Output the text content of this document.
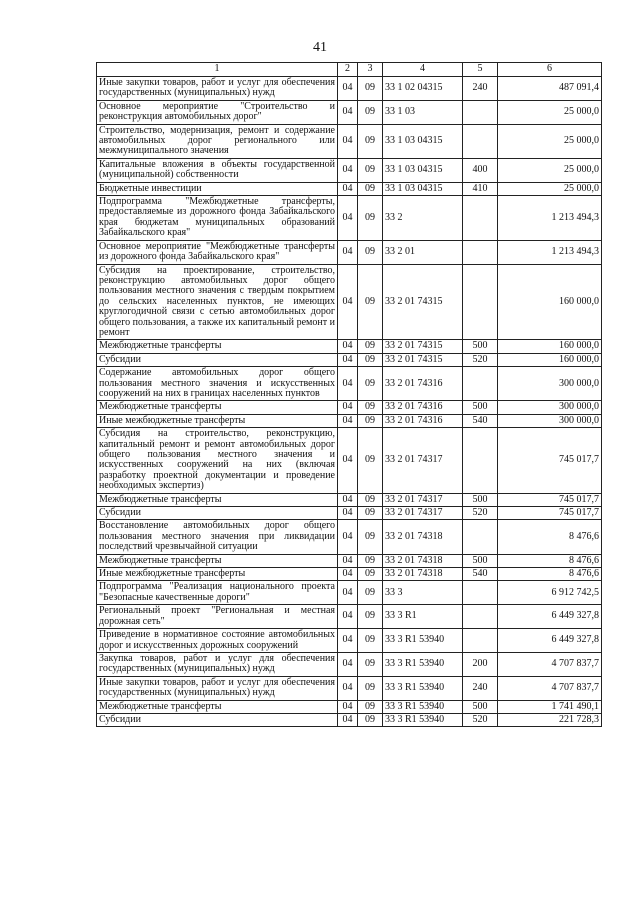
41
1	2	3	4	5	6
Иные закупки товаров, работ и услуг для обеспечения государственных (муниципальных) нужд	04	09	33 1 02 04315	240	487 091,4
Основное мероприятие "Строительство и реконструкция автомобильных дорог"	04	09	33 1 03		25 000,0
Строительство, модернизация, ремонт и содержание автомобильных дорог регионального или межмуниципального значения	04	09	33 1 03 04315		25 000,0
Капитальные вложения в объекты государственной (муниципальной) собственности	04	09	33 1 03 04315	400	25 000,0
Бюджетные инвестиции	04	09	33 1 03 04315	410	25 000,0
Подпрограмма "Межбюджетные трансферты, предоставляемые из дорожного фонда Забайкальского края бюджетам муниципальных образований Забайкальского края"	04	09	33 2		1 213 494,3
Основное мероприятие "Межбюджетные трансферты из дорожного фонда Забайкальского края"	04	09	33 2 01		1 213 494,3
Субсидия на проектирование, строительство, реконструкцию автомобильных дорог общего пользования местного значения с твердым покрытием до сельских населенных пунктов, не имеющих круглогодичной связи с сетью автомобильных дорог общего пользования, а также их капитальный ремонт и ремонт	04	09	33 2 01 74315		160 000,0
Межбюджетные трансферты	04	09	33 2 01 74315	500	160 000,0
Субсидии	04	09	33 2 01 74315	520	160 000,0
Содержание автомобильных дорог общего пользования местного значения и искусственных сооружений на них в границах населенных пунктов	04	09	33 2 01 74316		300 000,0
Межбюджетные трансферты	04	09	33 2 01 74316	500	300 000,0
Иные межбюджетные трансферты	04	09	33 2 01 74316	540	300 000,0
Субсидия на строительство, реконструкцию, капитальный ремонт и ремонт автомобильных дорог общего пользования местного значения и искусственных сооружений на них (включая разработку проектной документации и проведение необходимых экспертиз)	04	09	33 2 01 74317		745 017,7
Межбюджетные трансферты	04	09	33 2 01 74317	500	745 017,7
Субсидии	04	09	33 2 01 74317	520	745 017,7
Восстановление автомобильных дорог общего пользования местного значения при ликвидации последствий чрезвычайной ситуации	04	09	33 2 01 74318		8 476,6
Межбюджетные трансферты	04	09	33 2 01 74318	500	8 476,6
Иные межбюджетные трансферты	04	09	33 2 01 74318	540	8 476,6
Подпрограмма "Реализация национального проекта "Безопасные качественные дороги"	04	09	33 3		6 912 742,5
Региональный проект "Региональная и местная дорожная сеть"	04	09	33 3 R1		6 449 327,8
Приведение в нормативное состояние автомобильных дорог и искусственных дорожных сооружений	04	09	33 3 R1 53940		6 449 327,8
Закупка товаров, работ и услуг для обеспечения государственных (муниципальных) нужд	04	09	33 3 R1 53940	200	4 707 837,7
Иные закупки товаров, работ и услуг для обеспечения государственных (муниципальных) нужд	04	09	33 3 R1 53940	240	4 707 837,7
Межбюджетные трансферты	04	09	33 3 R1 53940	500	1 741 490,1
Субсидии	04	09	33 3 R1 53940	520	221 728,3
